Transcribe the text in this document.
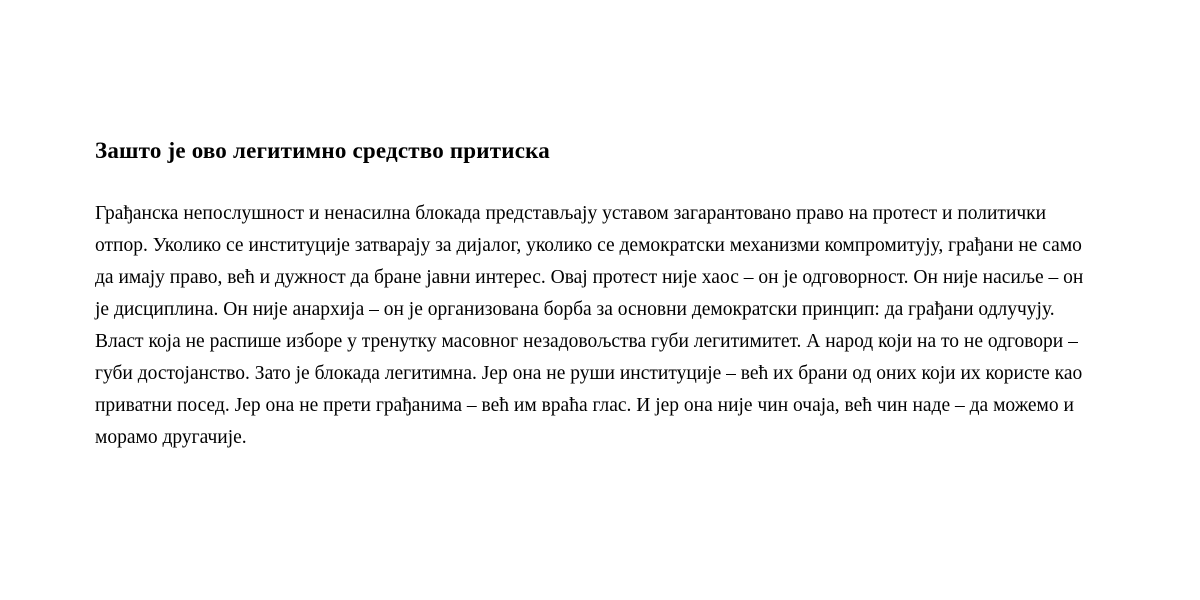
Зашто је ово легитимно средство притиска

Грађанска непослушност и ненасилна блокада представљају уставом загарантовано право на протест и политички отпор. Уколико се институције затварају за дијалог, уколико се демократски механизми компромитују, грађани не само да имају право, већ и дужност да бране јавни интерес. Овај протест није хаос – он је одговорност. Он није насиље – он је дисциплина. Он није анархија – он је организована борба за основни демократски принцип: да грађани одлучују. Власт која не распише изборе у тренутку масовног незадовољства губи легитимитет. А народ који на то не одговори – губи достојанство. Зато је блокада легитимна. Јер она не руши институције – већ их брани од оних који их користе као приватни посед. Јер она не прети грађанима – већ им враћа глас. И јер она није чин очаја, већ чин наде – да можемо и морамо другачије.
